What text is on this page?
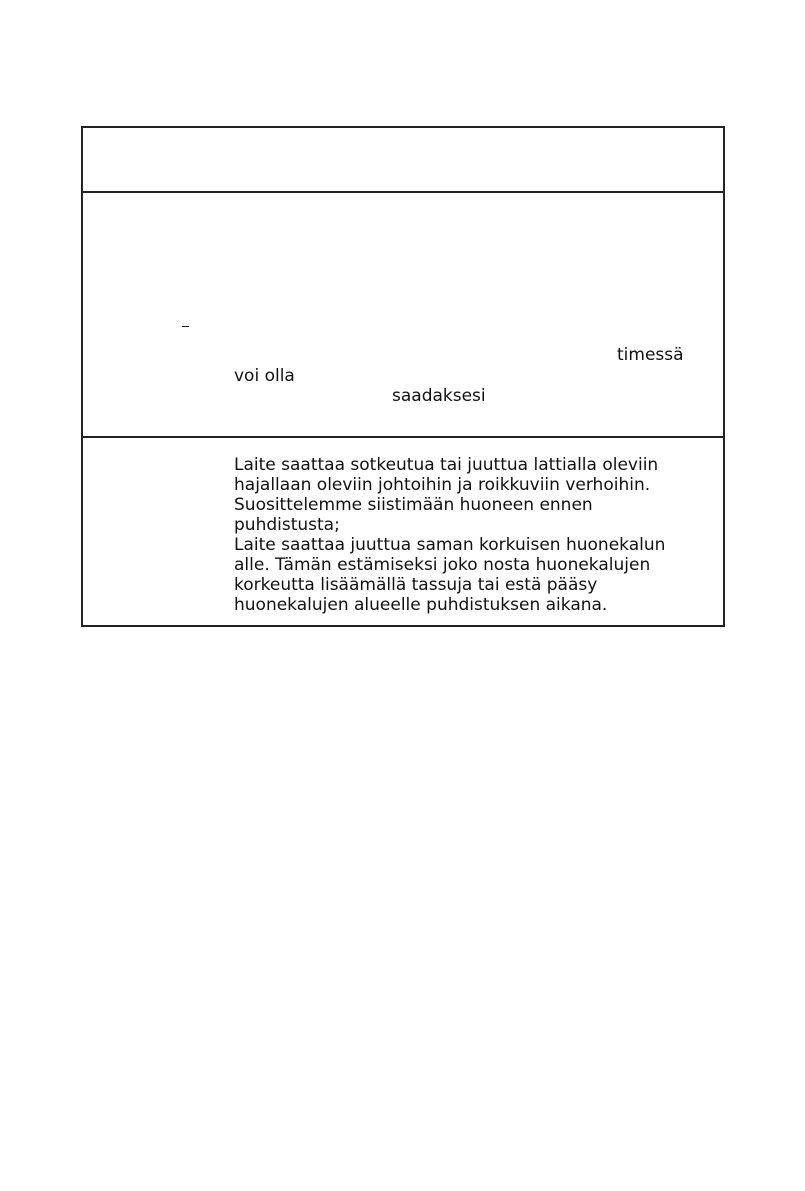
timessä
voi olla
saadaksesi

Laite saattaa sotkeutua tai juuttua lattialla oleviin
hajallaan oleviin johtoihin ja roikkuviin verhoihin.
Suosittelemme siistimään huoneen ennen
puhdistusta;
Laite saattaa juuttua saman korkuisen huonekalun
alle. Tämän estämiseksi joko nosta huonekalujen
korkeutta lisäämällä tassuja tai estä pääsy
huonekalujen alueelle puhdistuksen aikana.
